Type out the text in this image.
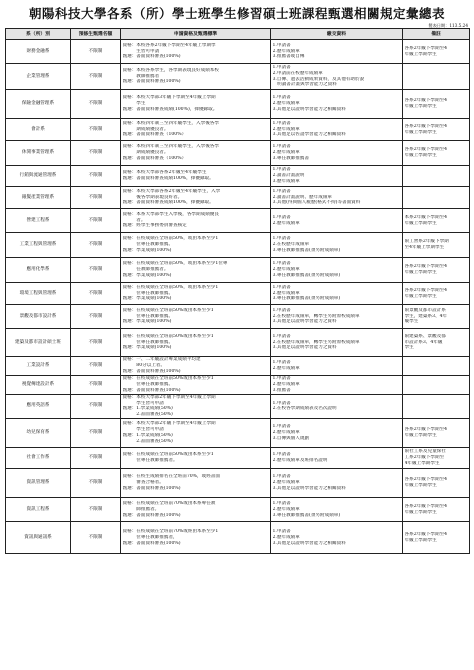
朝陽科技大學各系（所）學士班學生修習碩士班課程甄選相關規定彙總表
製表日期：113.5.24
系（所）別	預修生甄選名額	申請資格及甄選標準	繳交資料	備註
財務金融系	不限制	資格：本校各系2年級下學期至4年級上學期學
　　　生皆可申請
甄選：書面資料審查(100%)	1.申請書
2.歷年成績單
3.推薦書或自傳	各系2年級下學期至4
年級上學期學生

企業管理系	不限制	資格：本校各系學生，各學期表現良好成績本校
　　　教師推薦者
甄選：書面資料審查(100%)	1.申請書
2.申請前在校歷年成績單
3.自傳、過去活動成果資料，及其他有助於說
　明讀書計畫與學習能力之資料	

保險金融管理系	不限制	資格：本校大學部3年級下學期至4年級上學期
　　　學生
甄選：書面資料審查成績(100%)，擇優錄取。	1.申請書
2.歷年成績單
3.其他足以證明學習能力之相關資料	各系2年級下學期至4
年級上學期學生

會計系	不限制	資格：本校四年制三至四年級學生，入學後各學
　　　期成績優良者。
甄選：書面資料審查（100%）	1.申請書
2.歷年成績單
3.其他足以佐證學習能力之相關資料	各系2年級下學期至4
年級上學期學生

休閒事業管理系	不限制	資格：本校四年制三至四年級學生，入學後各學
　　　期成績優良者。
甄選：書面資料審查（100%）	1.申請書
2.歷年成績單
3.專任教師推薦書	各系2年級下學期至4
年級上學期學生

行銷與流通管理系	不限制	資格：本校大學部各系2年級至4年級學生
甄選：書面資料審查成績100%，擇優錄取。	1.申請書
2.讀書計畫說明
3.歷年成績單	

銀髮產業管理系	不限制	資格：本校大學部各系2年級至4年級學生，入學
　　　後各學期表現良好者。
甄選：書面資料審查成績100%，擇優錄取。	1.申請書
2.讀書計畫說明、歷年成績單
3.其他(得與個人履歷(格式不拘)等書面資料	

營建工程系	不限制	資格：本系大學部學生入學後，各學期成績優良
　　　者。
甄選：經學生事務委員審查核定	1.申請書
2.歷年成績單	本系2年級下學期至4
年級上學期學生

工業工程與管理系	不限制	資格：在校成績在全班前50%，或由本系至少1
　　　位專任教師推薦。
甄選：學業成績(100%)	1.申請書
2.在校歷年成績單
3.專任教師推薦書(須另附成績單)	限工營系2年級下學期
至4年級上學期學生

應用化學系	不限制	資格：在校成績在全班前50%，或由本系至少1位專
　　　任教師推薦者。
甄選：學業成績(100%)	1.申請書
2.歷年成績單
3.專任教師推薦書(須另附成績單)	各系2年級下學期至4
年級上學期學生

環境工程與管理系	不限制	資格：在校成績在全班前50%，或由本系至少1
　　　位專任教師推薦。
甄選：學業成績(100%)	1.申請書
2.歷年成績單
3.專任教師推薦書(須另附成績單)	各系2年級下學期至4
年級上學期學生

景觀及都市設計系	不限制	資格：在校成績在全班前50%或由本系至少1
　　　位專任教師推薦。
甄選：學業成績(100%)	1.申請書
2.在校歷年成績單，轉學生另附原校成績單
3.其他足以證明學習能力之資料	限景觀及都市設計系
學生，建築系3、4年
級學生

建築及都市設計碩士班	不限制	資格：在校成績在全班前50%或由本系至少1
　　　位專任教師推薦。
甄選：學業成績(100%)	1.申請書
2.在校歷年成績單，轉學生另附原校成績單
3.其他足以證明學習能力之資料	限建築系、景觀及都
市設計系3、4年級
學生

工業設計系	不限制	資格：一、二年級設計專業成績平均達
　　　80分以上者。
甄選：書面資料審查(100%)	1.申請書
2.歷年成績單	

視覺傳達設計系	不限制	資格：在校成績在全班前50%或由本系至少1
　　　位專任教師推薦。
甄選：書面資料審查(100%)	1.申請書
2.歷年成績單
3.推薦書	

應用英語系	不限制	資格：本校大學部2年級下學期至4年級上學期
　　　學生皆可申請
甄選：1.學業成績(50%)
　　　2.書面審查(50%)	1.申請書
2.在校各學期成績表及名次證明	

幼兒保育系	不限制	資格：本校大學部2年級下學期至4年級上學期
　　　學生皆可申請
甄選：1.學業成績(50%)
　　　2.書面審查(50%)	1.申請書
2.歷年成績單
3.自傳與個人規劃	各系2年級下學期至4
年級上學期學生

社會工作系	不限制	資格：在校成績在全班前50%或由本系至少1
　　　位專任教師推薦者。	1.申請書
2.歷年成績單及班排名證明	限社工系及兒童保社
工系2年級下學期至
4年級上學期學生

資訊管理系	不限制	資格：在校生成績排名在全班前70%，或經書面
　　　審查合格者。
甄選：書面資料審查(100%)	1.申請書
2.歷年成績單
3.其他足以證明學習能力之相關資料	各系2年級下學期至4
年級上學期學生

資訊工程系	不限制	資格：在校成績在全班前70%或由本系專任教
　　　師推薦者。
甄選：書面資料審查(100%)	1.申請書
2.歷年成績單
3.專任教師推薦書(須另附成績單)	各系2年級下學期至4
年級上學期學生

資訊與通訊系	不限制	資格：在校成績在全班前70%或經由本系至少1
　　　位專任教師推薦者，
甄選：書面資料審查(100%)	1.申請書
2.歷年成績單
3.其他足以證明學習能力之相關資料	各系2年級下學期至4
年級上學期學生
